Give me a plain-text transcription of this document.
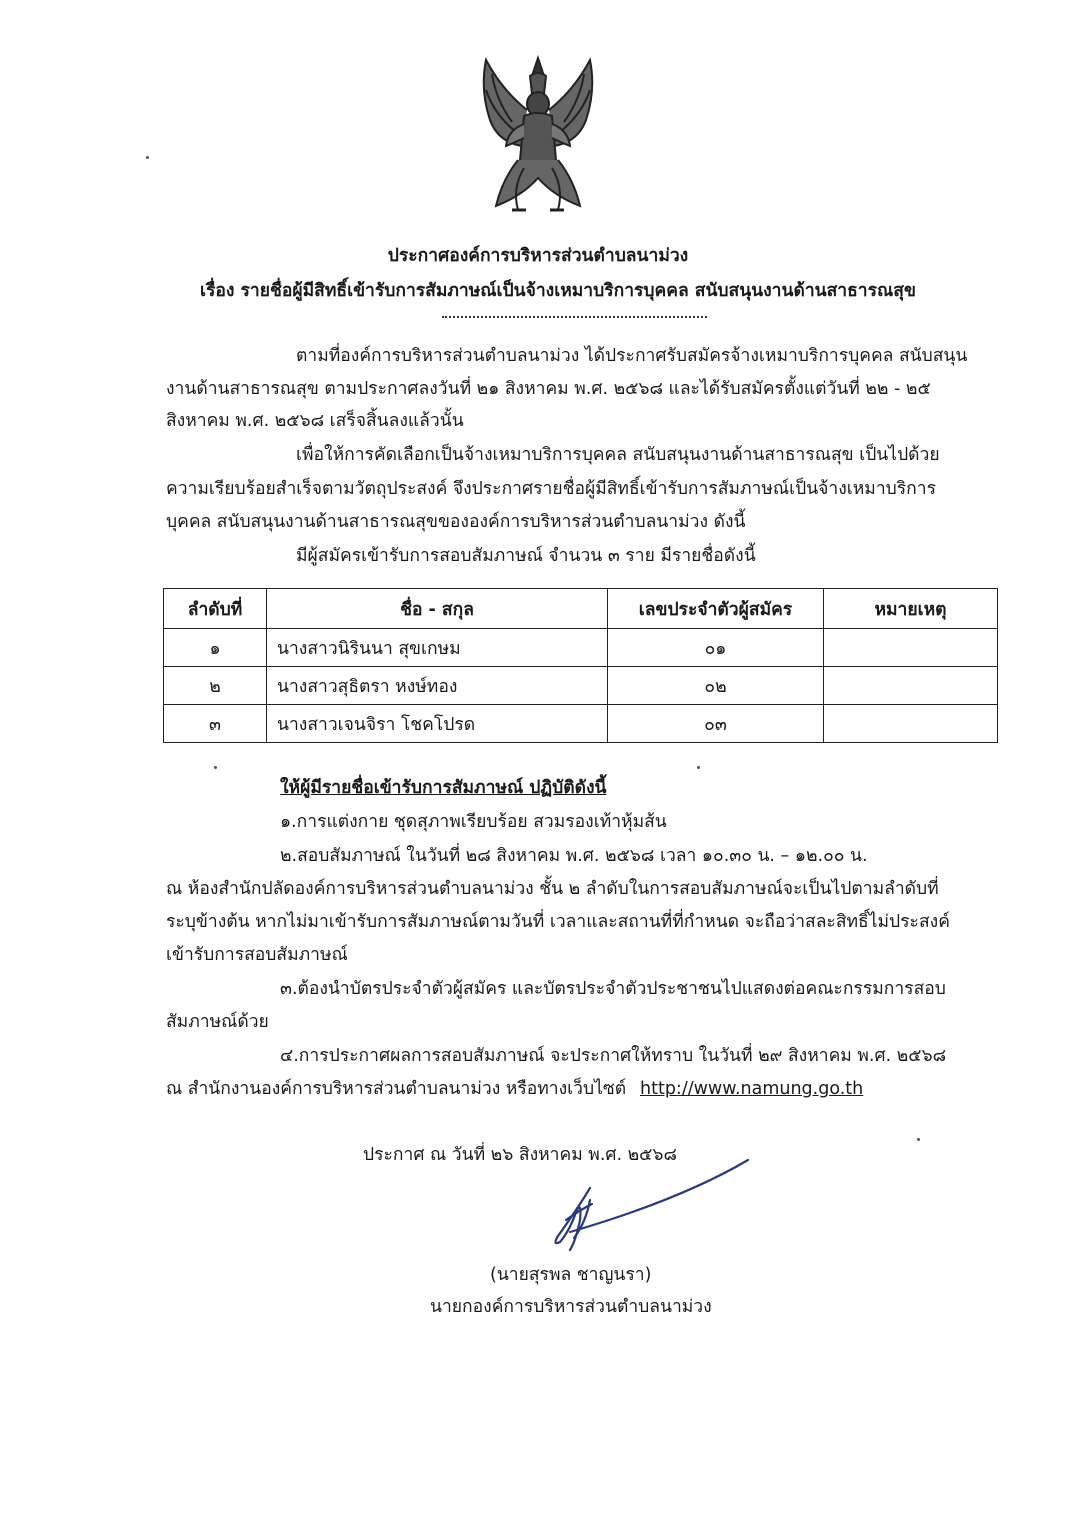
ประกาศองค์การบริหารส่วนตำบลนาม่วง
เรื่อง รายชื่อผู้มีสิทธิ์เข้ารับการสัมภาษณ์เป็นจ้างเหมาบริการบุคคล สนับสนุนงานด้านสาธารณสุข
ตามที่องค์การบริหารส่วนตำบลนาม่วง ได้ประกาศรับสมัครจ้างเหมาบริการบุคคล สนับสนุน
งานด้านสาธารณสุข ตามประกาศลงวันที่ ๒๑ สิงหาคม พ.ศ. ๒๕๖๘ และได้รับสมัครตั้งแต่วันที่ ๒๒ - ๒๕
สิงหาคม พ.ศ. ๒๕๖๘ เสร็จสิ้นลงแล้วนั้น
เพื่อให้การคัดเลือกเป็นจ้างเหมาบริการบุคคล สนับสนุนงานด้านสาธารณสุข เป็นไปด้วย
ความเรียบร้อยสำเร็จตามวัตถุประสงค์ จึงประกาศรายชื่อผู้มีสิทธิ์เข้ารับการสัมภาษณ์เป็นจ้างเหมาบริการ
บุคคล สนับสนุนงานด้านสาธารณสุขขององค์การบริหารส่วนตำบลนาม่วง ดังนี้
มีผู้สมัครเข้ารับการสอบสัมภาษณ์ จำนวน ๓ ราย มีรายชื่อดังนี้
ลำดับที่	ชื่อ - สกุล	เลขประจำตัวผู้สมัคร	หมายเหตุ
๑	นางสาวนิรินนา สุขเกษม	๐๑	
๒	นางสาวสุธิตรา หงษ์ทอง	๐๒	
๓	นางสาวเจนจิรา โชคโปรด	๐๓	
ให้ผู้มีรายชื่อเข้ารับการสัมภาษณ์ ปฏิบัติดังนี้
๑.การแต่งกาย ชุดสุภาพเรียบร้อย สวมรองเท้าหุ้มส้น
๒.สอบสัมภาษณ์ ในวันที่ ๒๘ สิงหาคม พ.ศ. ๒๕๖๘ เวลา ๑๐.๓๐ น. – ๑๒.๐๐ น.
ณ ห้องสำนักปลัดองค์การบริหารส่วนตำบลนาม่วง ชั้น ๒ ลำดับในการสอบสัมภาษณ์จะเป็นไปตามลำดับที่
ระบุข้างต้น หากไม่มาเข้ารับการสัมภาษณ์ตามวันที่ เวลาและสถานที่ที่กำหนด จะถือว่าสละสิทธิ์ไม่ประสงค์
เข้ารับการสอบสัมภาษณ์
๓.ต้องนำบัตรประจำตัวผู้สมัคร และบัตรประจำตัวประชาชนไปแสดงต่อคณะกรรมการสอบ
สัมภาษณ์ด้วย
๔.การประกาศผลการสอบสัมภาษณ์ จะประกาศให้ทราบ ในวันที่ ๒๙ สิงหาคม พ.ศ. ๒๕๖๘
ณ สำนักงานองค์การบริหารส่วนตำบลนาม่วง หรือทางเว็บไซต์ http://www.namung.go.th
ประกาศ ณ วันที่ ๒๖ สิงหาคม พ.ศ. ๒๕๖๘
(นายสุรพล ชาญนรา)
นายกองค์การบริหารส่วนตำบลนาม่วง
